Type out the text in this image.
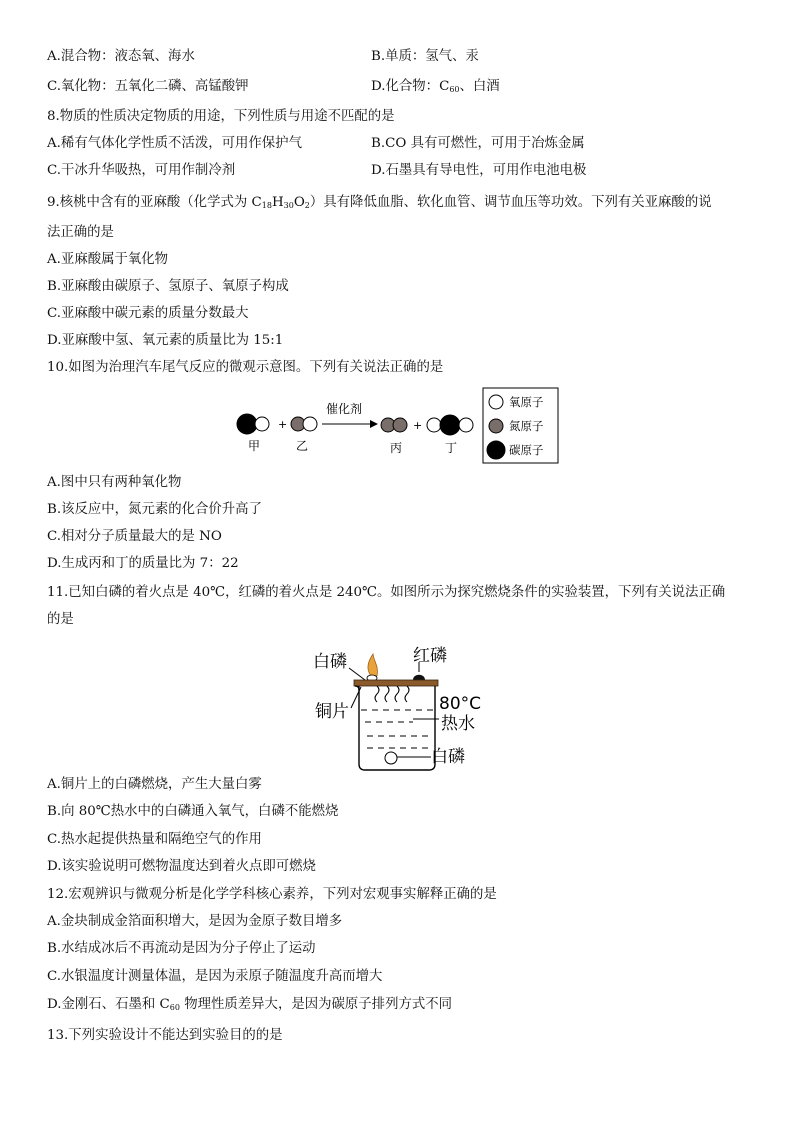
A.混合物：液态氧、海水	B.单质：氢气、汞
C.氧化物：五氧化二磷、高锰酸钾	D.化合物：$C_{60}$、白酒
8.物质的性质决定物质的用途，下列性质与用途不匹配的是
A.稀有气体化学性质不活泼，可用作保护气	B.CO 具有可燃性，可用于冶炼金属
C.干冰升华吸热，可用作制冷剂	D.石墨具有导电性，可用作电池电极
9.核桃中含有的亚麻酸（化学式为 $C_{18}H_{30}O_2$）具有降低血脂、软化血管、调节血压等功效。下列有关亚麻酸的说
法正确的是
A.亚麻酸属于氧化物
B.亚麻酸由碳原子、氢原子、氧原子构成
C.亚麻酸中碳元素的质量分数最大
D.亚麻酸中氢、氧元素的质量比为 15:1
10.如图为治理汽车尾气反应的微观示意图。下列有关说法正确的是
+
催化剂
+
甲	乙	丙	丁
氧原子
氮原子
碳原子
A.图中只有两种氧化物
B.该反应中，氮元素的化合价升高了
C.相对分子质量最大的是 NO
D.生成丙和丁的质量比为 7：22
11.已知白磷的着火点是 40℃，红磷的着火点是 240℃。如图所示为探究燃烧条件的实验装置，下列有关说法正确
的是
白磷	红磷
铜片	80°C
热水
白磷
A.铜片上的白磷燃烧，产生大量白雾
B.向 80℃热水中的白磷通入氧气，白磷不能燃烧
C.热水起提供热量和隔绝空气的作用
D.该实验说明可燃物温度达到着火点即可燃烧
12.宏观辨识与微观分析是化学学科核心素养，下列对宏观事实解释正确的是
A.金块制成金箔面积增大，是因为金原子数目增多
B.水结成冰后不再流动是因为分子停止了运动
C.水银温度计测量体温，是因为汞原子随温度升高而增大
D.金刚石、石墨和 $C_{60}$ 物理性质差异大，是因为碳原子排列方式不同
13.下列实验设计不能达到实验目的的是
